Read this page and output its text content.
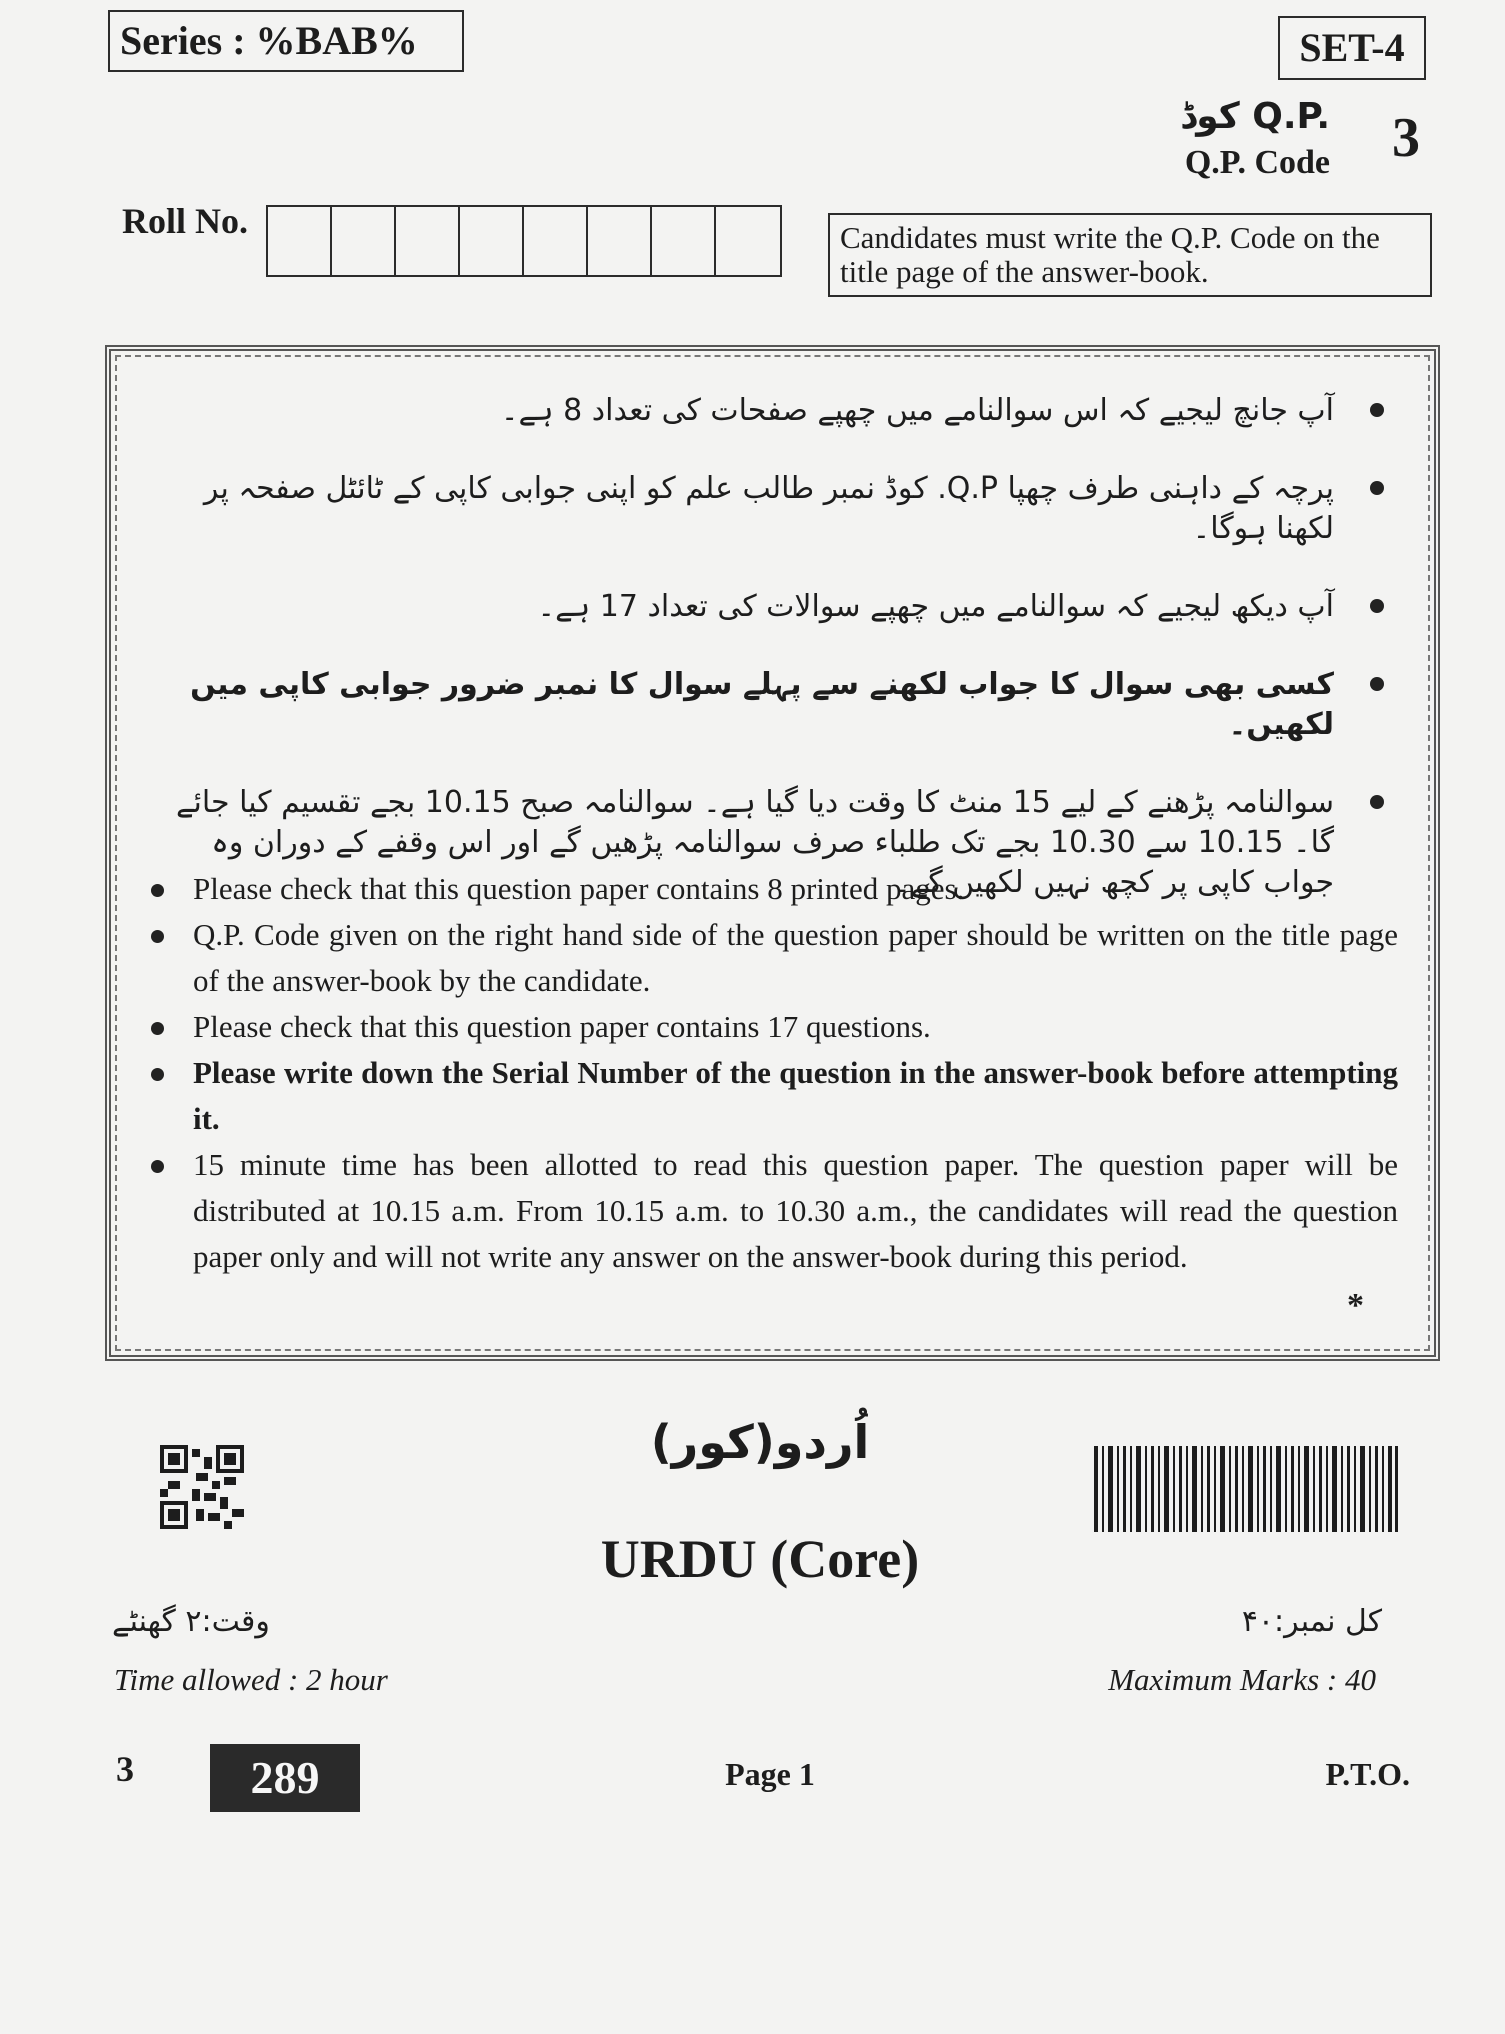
Series : %BAB%	SET-4
کوڈ Q.P.
Q.P. Code 3
Roll No.	Candidates must write the Q.P. Code on the title page of the answer-book.
آپ جانچ لیجیے کہ اس سوالنامے میں چھپے صفحات کی تعداد 8 ہے۔
پرچہ کے داہنی طرف چھپا Q.P. کوڈ نمبر طالب علم کو اپنی جوابی کاپی کے ٹائٹل صفحہ پر لکھنا ہوگا۔
آپ دیکھ لیجیے کہ سوالنامے میں چھپے سوالات کی تعداد 17 ہے۔
کسی بھی سوال کا جواب لکھنے سے پہلے سوال کا نمبر ضرور جوابی کاپی میں لکھیں۔
سوالنامہ پڑھنے کے لیے 15 منٹ کا وقت دیا گیا ہے۔ سوالنامہ صبح 10.15 بجے تقسیم کیا جائے گا۔ 10.15 سے 10.30 بجے تک طلباء صرف سوالنامہ پڑھیں گے اور اس وقفے کے دوران وہ جواب کاپی پر کچھ نہیں لکھیں گے۔
Please check that this question paper contains 8 printed pages.
Q.P. Code given on the right hand side of the question paper should be written on the title page of the answer-book by the candidate.
Please check that this question paper contains 17 questions.
Please write down the Serial Number of the question in the answer-book before attempting it.
15 minute time has been allotted to read this question paper. The question paper will be distributed at 10.15 a.m. From 10.15 a.m. to 10.30 a.m., the candidates will read the question paper only and will not write any answer on the answer-book during this period.
*
اُردو(کور)
URDU (Core)
وقت:۲ گھنٹے
Time allowed : 2 hour
کل نمبر:۴۰
Maximum Marks : 40
3	289	Page 1	P.T.O.
